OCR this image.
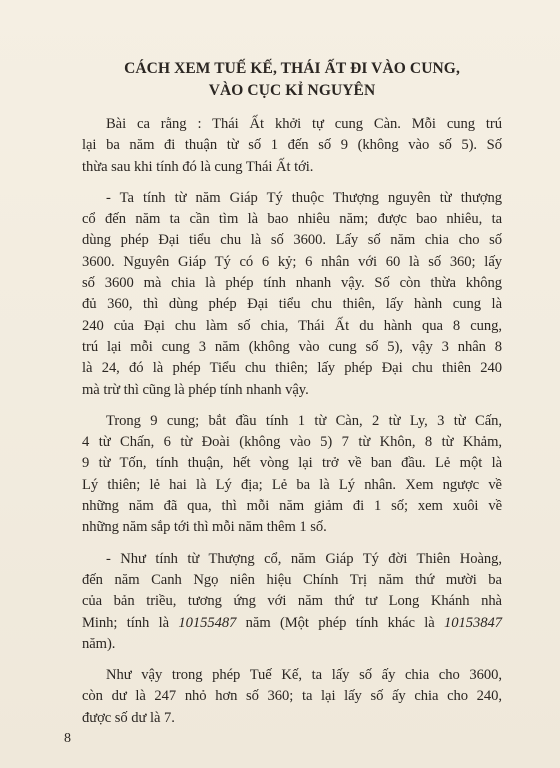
CÁCH XEM TUẾ KẾ, THÁI ẤT ĐI VÀO CUNG,
VÀO CỤC KỈ NGUYÊN

Bài ca rằng : Thái Ất khởi tự cung Càn. Mỗi cung trú
lại ba năm đi thuận từ số 1 đến số 9 (không vào số 5). Số
thừa sau khi tính đó là cung Thái Ất tới.

- Ta tính từ năm Giáp Tý thuộc Thượng nguyên từ thượng
cổ đến năm ta cần tìm là bao nhiêu năm; được bao nhiêu, ta
dùng phép Đại tiểu chu là số 3600. Lấy số năm chia cho số
3600. Nguyên Giáp Tý có 6 kỷ; 6 nhân với 60 là số 360; lấy
số 3600 mà chia là phép tính nhanh vậy. Số còn thừa không
đủ 360, thì dùng phép Đại tiểu chu thiên, lấy hành cung là
240 của Đại chu làm số chia, Thái Ất du hành qua 8 cung,
trú lại mỗi cung 3 năm (không vào cung số 5), vậy 3 nhân 8
là 24, đó là phép Tiểu chu thiên; lấy phép Đại chu thiên 240
mà trừ thì cũng là phép tính nhanh vậy.

Trong 9 cung; bắt đầu tính 1 từ Càn, 2 từ Ly, 3 từ Cấn,
4 từ Chấn, 6 từ Đoài (không vào 5) 7 từ Khôn, 8 từ Khảm,
9 từ Tốn, tính thuận, hết vòng lại trở về ban đầu. Lẻ một là
Lý thiên; lẻ hai là Lý địa; Lẻ ba là Lý nhân. Xem ngược về
những năm đã qua, thì mỗi năm giảm đi 1 số; xem xuôi về
những năm sắp tới thì mỗi năm thêm 1 số.

- Như tính từ Thượng cổ, năm Giáp Tý đời Thiên Hoàng,
đến năm Canh Ngọ niên hiệu Chính Trị năm thứ mười ba
của bản triều, tương ứng với năm thứ tư Long Khánh nhà
Minh; tính là 10155487 năm (Một phép tính khác là 10153847
năm).

Như vậy trong phép Tuế Kế, ta lấy số ấy chia cho 3600,
còn dư là 247 nhỏ hơn số 360; ta lại lấy số ấy chia cho 240,
được số dư là 7.

8
